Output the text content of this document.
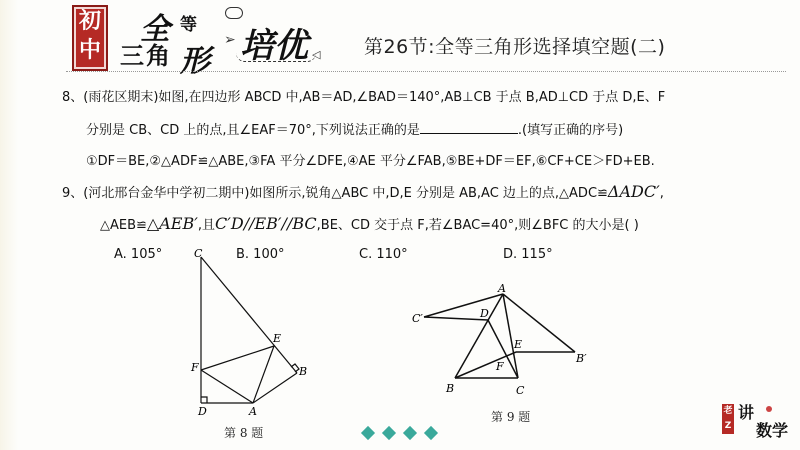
初
中
全 等
三角 形
➢ 培优 ◁ 第26节:全等三角形选择填空题(二)
8、(雨花区期末)如图,在四边形 ABCD 中,AB＝AD,∠BAD＝140°,AB⊥CB 于点 B,AD⊥CD 于点 D,E、F
分别是 CB、CD 上的点,且∠EAF＝70°,下列说法正确的是	.(填写正确的序号)
①DF＝BE,②△ADF≌△ABE,③FA 平分∠DFE,④AE 平分∠FAB,⑤BE+DF＝EF,⑥CF+CE＞FD+EB.
9、(河北邢台金华中学初二期中)如图所示,锐角△ABC 中,D,E 分别是 AB,AC 边上的点,△ADC≌ΔADC′,
△AEB≌△AEB′,且C′D//EB′//BC,BE、CD 交于点 F,若∠BAC=40°,则∠BFC 的大小是( )
A. 105°	B. 100°	C. 110°	D. 115°
C
E
F	B
D	A
第 8 题
A
C′	D
E
B′
F
B	C
第 9 题	老Z
讲
数学
